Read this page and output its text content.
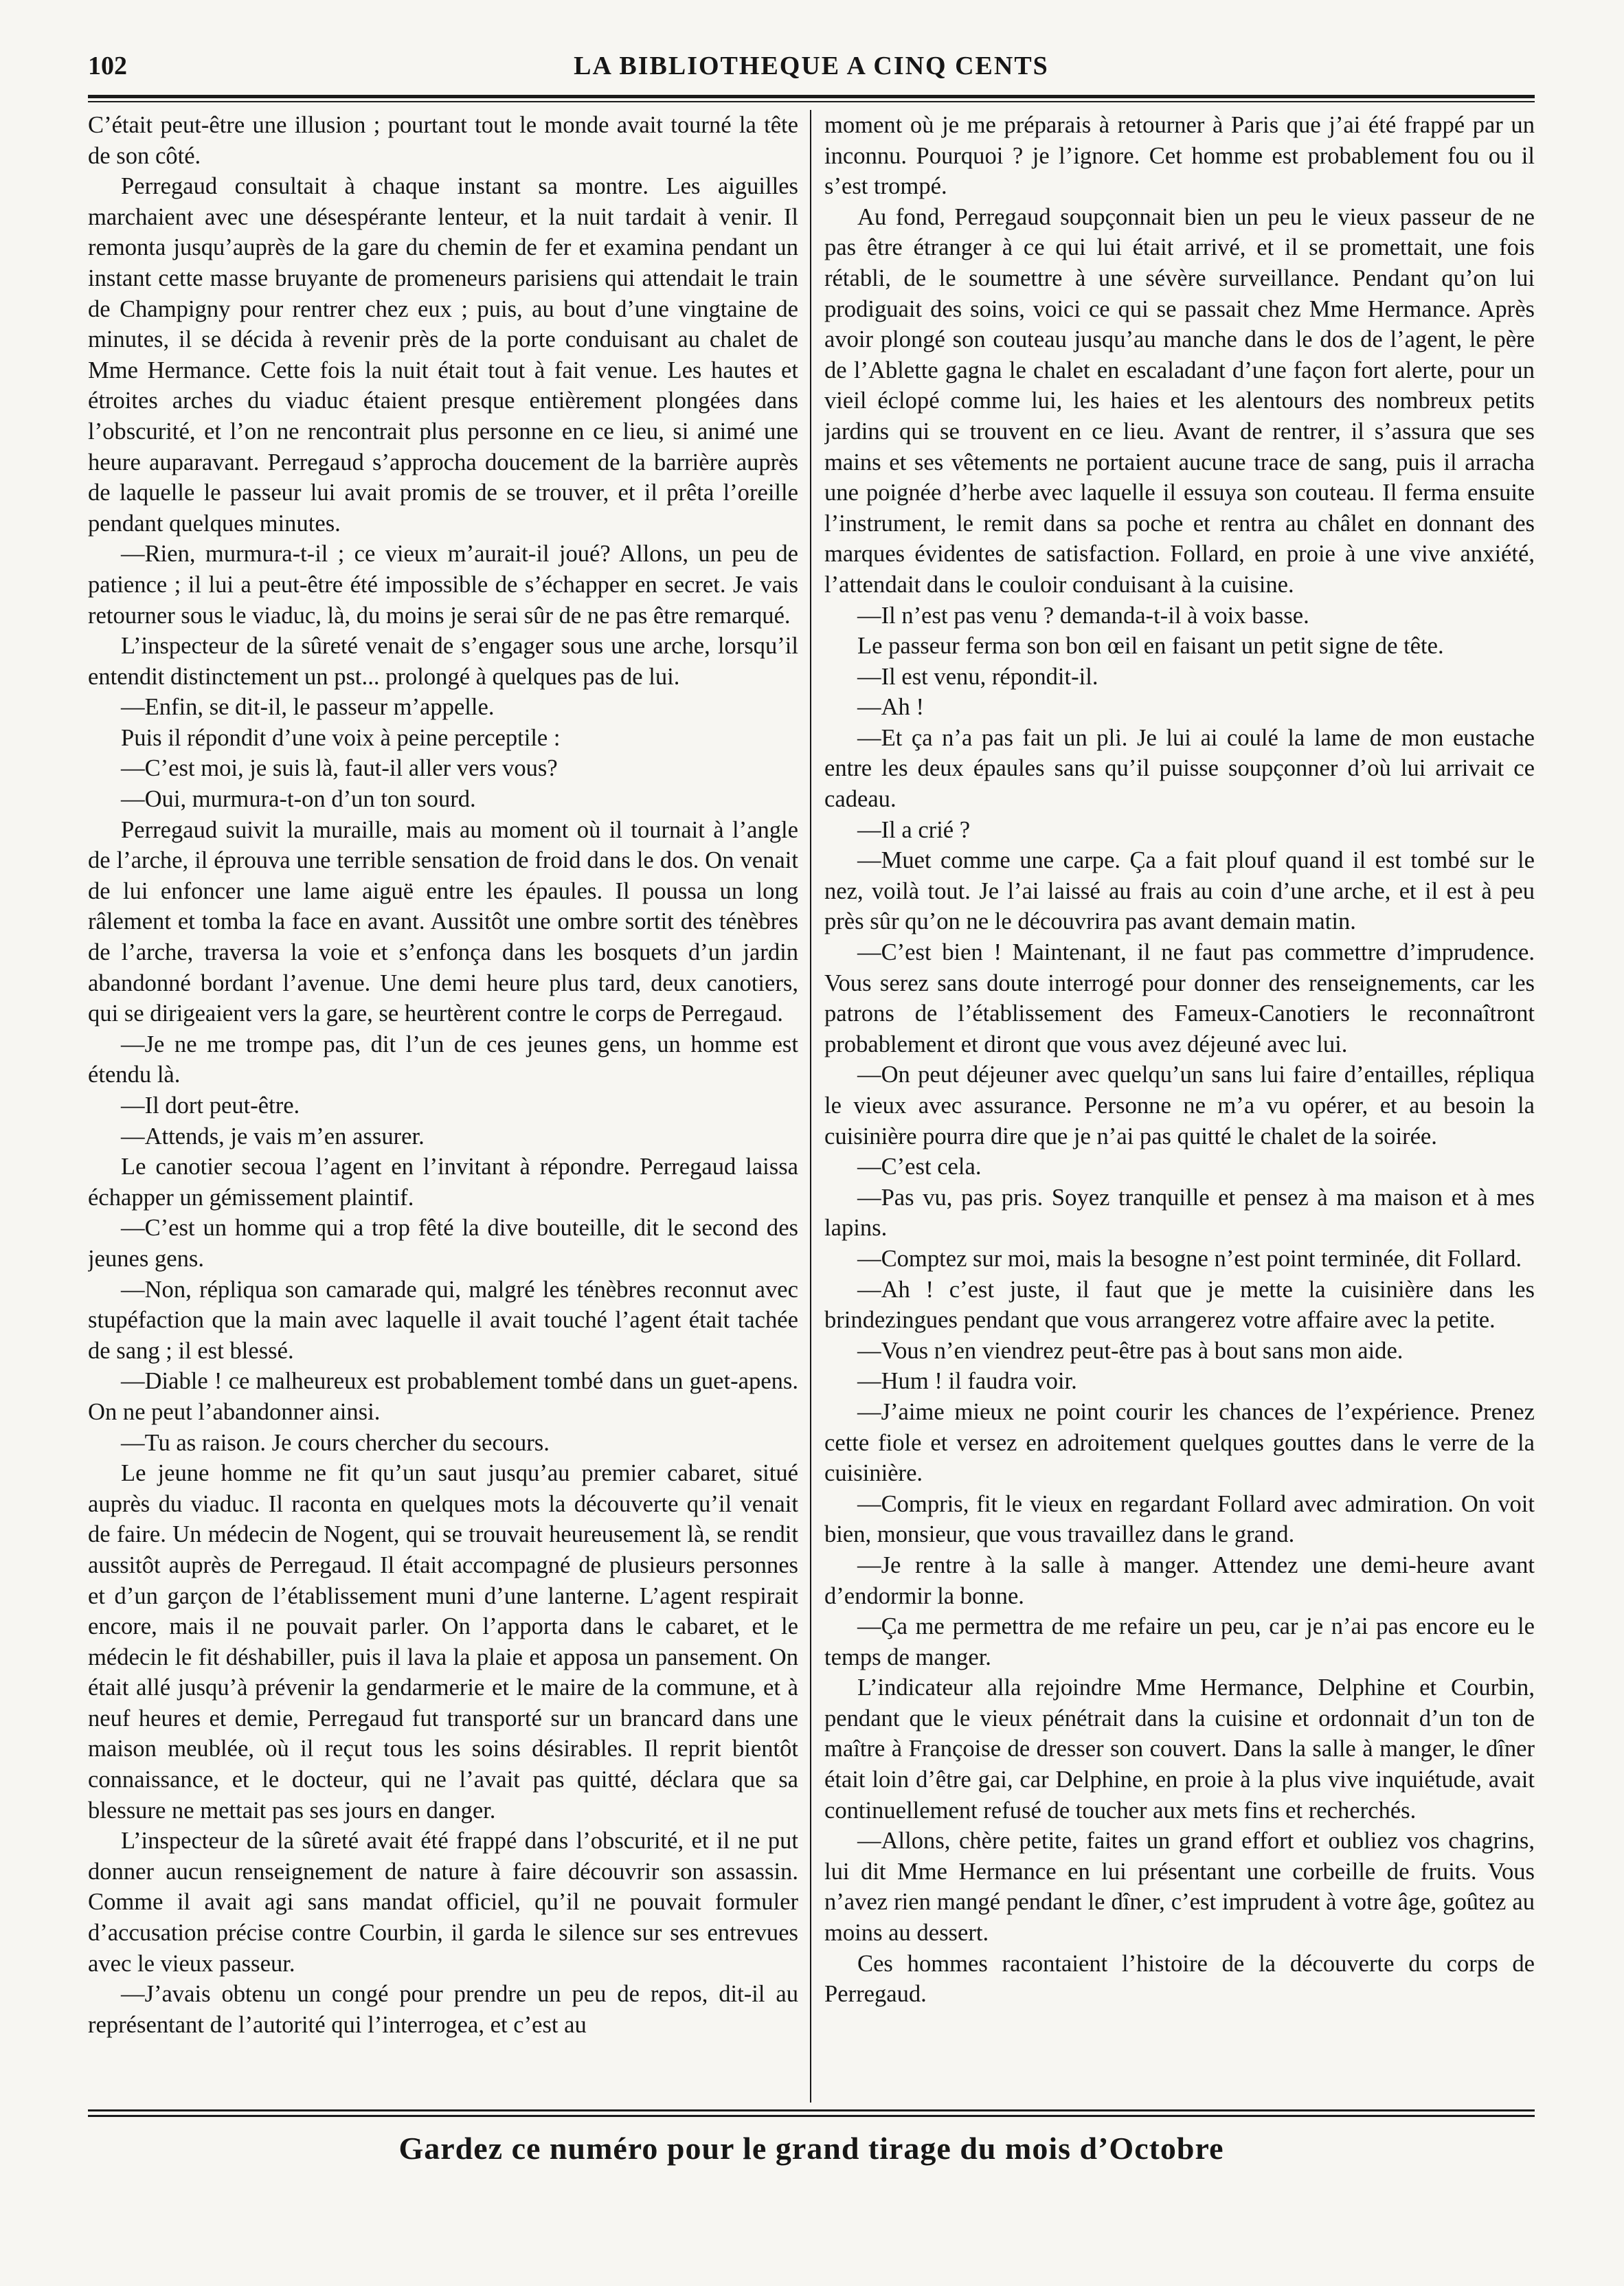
102	LA BIBLIOTHEQUE A CINQ CENTS

C’était peut-être une illusion ; pourtant tout le monde avait tourné la tête de son côté.

Perregaud consultait à chaque instant sa montre. Les aiguilles marchaient avec une désespérante lenteur, et la nuit tardait à venir. Il remonta jusqu’auprès de la gare du chemin de fer et examina pendant un instant cette masse bruyante de promeneurs parisiens qui attendait le train de Champigny pour rentrer chez eux ; puis, au bout d’une vingtaine de minutes, il se décida à revenir près de la porte conduisant au chalet de Mme Hermance. Cette fois la nuit était tout à fait venue. Les hautes et étroites arches du viaduc étaient presque entièrement plongées dans l’obscurité, et l’on ne rencontrait plus personne en ce lieu, si animé une heure auparavant. Perregaud s’approcha doucement de la barrière auprès de laquelle le passeur lui avait promis de se trouver, et il prêta l’oreille pendant quelques minutes.

—Rien, murmura-t-il ; ce vieux m’aurait-il joué? Allons, un peu de patience ; il lui a peut-être été impossible de s’échapper en secret. Je vais retourner sous le viaduc, là, du moins je serai sûr de ne pas être remarqué.

L’inspecteur de la sûreté venait de s’engager sous une arche, lorsqu’il entendit distinctement un pst... prolongé à quelques pas de lui.

—Enfin, se dit-il, le passeur m’appelle.

Puis il répondit d’une voix à peine perceptile :

—C’est moi, je suis là, faut-il aller vers vous?

—Oui, murmura-t-on d’un ton sourd.

Perregaud suivit la muraille, mais au moment où il tournait à l’angle de l’arche, il éprouva une terrible sensation de froid dans le dos. On venait de lui enfoncer une lame aiguë entre les épaules. Il poussa un long râlement et tomba la face en avant. Aussitôt une ombre sortit des ténèbres de l’arche, traversa la voie et s’enfonça dans les bosquets d’un jardin abandonné bordant l’avenue. Une demi heure plus tard, deux canotiers, qui se dirigeaient vers la gare, se heurtèrent contre le corps de Perregaud.

—Je ne me trompe pas, dit l’un de ces jeunes gens, un homme est étendu là.

—Il dort peut-être.

—Attends, je vais m’en assurer.

Le canotier secoua l’agent en l’invitant à répondre. Perregaud laissa échapper un gémissement plaintif.

—C’est un homme qui a trop fêté la dive bouteille, dit le second des jeunes gens.

—Non, répliqua son camarade qui, malgré les ténèbres reconnut avec stupéfaction que la main avec laquelle il avait touché l’agent était tachée de sang ; il est blessé.

—Diable ! ce malheureux est probablement tombé dans un guet-apens. On ne peut l’abandonner ainsi.

—Tu as raison. Je cours chercher du secours.

Le jeune homme ne fit qu’un saut jusqu’au premier cabaret, situé auprès du viaduc. Il raconta en quelques mots la découverte qu’il venait de faire. Un médecin de Nogent, qui se trouvait heureusement là, se rendit aussitôt auprès de Perregaud. Il était accompagné de plusieurs personnes et d’un garçon de l’établissement muni d’une lanterne. L’agent respirait encore, mais il ne pouvait parler. On l’apporta dans le cabaret, et le médecin le fit déshabiller, puis il lava la plaie et apposa un pansement. On était allé jusqu’à prévenir la gendarmerie et le maire de la commune, et à neuf heures et demie, Perregaud fut transporté sur un brancard dans une maison meublée, où il reçut tous les soins désirables. Il reprit bientôt connaissance, et le docteur, qui ne l’avait pas quitté, déclara que sa blessure ne mettait pas ses jours en danger.

L’inspecteur de la sûreté avait été frappé dans l’obscurité, et il ne put donner aucun renseignement de nature à faire découvrir son assassin. Comme il avait agi sans mandat officiel, qu’il ne pouvait formuler d’accusation précise contre Courbin, il garda le silence sur ses entrevues avec le vieux passeur.

—J’avais obtenu un congé pour prendre un peu de repos, dit-il au représentant de l’autorité qui l’interrogea, et c’est au

moment où je me préparais à retourner à Paris que j’ai été frappé par un inconnu. Pourquoi ? je l’ignore. Cet homme est probablement fou ou il s’est trompé.

Au fond, Perregaud soupçonnait bien un peu le vieux passeur de ne pas être étranger à ce qui lui était arrivé, et il se promettait, une fois rétabli, de le soumettre à une sévère surveillance. Pendant qu’on lui prodiguait des soins, voici ce qui se passait chez Mme Hermance. Après avoir plongé son couteau jusqu’au manche dans le dos de l’agent, le père de l’Ablette gagna le chalet en escaladant d’une façon fort alerte, pour un vieil éclopé comme lui, les haies et les alentours des nombreux petits jardins qui se trouvent en ce lieu. Avant de rentrer, il s’assura que ses mains et ses vêtements ne portaient aucune trace de sang, puis il arracha une poignée d’herbe avec laquelle il essuya son couteau. Il ferma ensuite l’instrument, le remit dans sa poche et rentra au châlet en donnant des marques évidentes de satisfaction. Follard, en proie à une vive anxiété, l’attendait dans le couloir conduisant à la cuisine.

—Il n’est pas venu ? demanda-t-il à voix basse.

Le passeur ferma son bon œil en faisant un petit signe de tête.

—Il est venu, répondit-il.

—Ah !

—Et ça n’a pas fait un pli. Je lui ai coulé la lame de mon eustache entre les deux épaules sans qu’il puisse soupçonner d’où lui arrivait ce cadeau.

—Il a crié ?

—Muet comme une carpe. Ça a fait plouf quand il est tombé sur le nez, voilà tout. Je l’ai laissé au frais au coin d’une arche, et il est à peu près sûr qu’on ne le découvrira pas avant demain matin.

—C’est bien ! Maintenant, il ne faut pas commettre d’imprudence. Vous serez sans doute interrogé pour donner des renseignements, car les patrons de l’établissement des Fameux-Canotiers le reconnaîtront probablement et diront que vous avez déjeuné avec lui.

—On peut déjeuner avec quelqu’un sans lui faire d’entailles, répliqua le vieux avec assurance. Personne ne m’a vu opérer, et au besoin la cuisinière pourra dire que je n’ai pas quitté le chalet de la soirée.

—C’est cela.

—Pas vu, pas pris. Soyez tranquille et pensez à ma maison et à mes lapins.

—Comptez sur moi, mais la besogne n’est point terminée, dit Follard.

—Ah ! c’est juste, il faut que je mette la cuisinière dans les brindezingues pendant que vous arrangerez votre affaire avec la petite.

—Vous n’en viendrez peut-être pas à bout sans mon aide.

—Hum ! il faudra voir.

—J’aime mieux ne point courir les chances de l’expérience. Prenez cette fiole et versez en adroitement quelques gouttes dans le verre de la cuisinière.

—Compris, fit le vieux en regardant Follard avec admiration. On voit bien, monsieur, que vous travaillez dans le grand.

—Je rentre à la salle à manger. Attendez une demi-heure avant d’endormir la bonne.

—Ça me permettra de me refaire un peu, car je n’ai pas encore eu le temps de manger.

L’indicateur alla rejoindre Mme Hermance, Delphine et Courbin, pendant que le vieux pénétrait dans la cuisine et ordonnait d’un ton de maître à Françoise de dresser son couvert. Dans la salle à manger, le dîner était loin d’être gai, car Delphine, en proie à la plus vive inquiétude, avait continuellement refusé de toucher aux mets fins et recherchés.

—Allons, chère petite, faites un grand effort et oubliez vos chagrins, lui dit Mme Hermance en lui présentant une corbeille de fruits. Vous n’avez rien mangé pendant le dîner, c’est imprudent à votre âge, goûtez au moins au dessert.

Ces hommes racontaient l’histoire de la découverte du corps de Perregaud.

Gardez ce numéro pour le grand tirage du mois d’Octobre
